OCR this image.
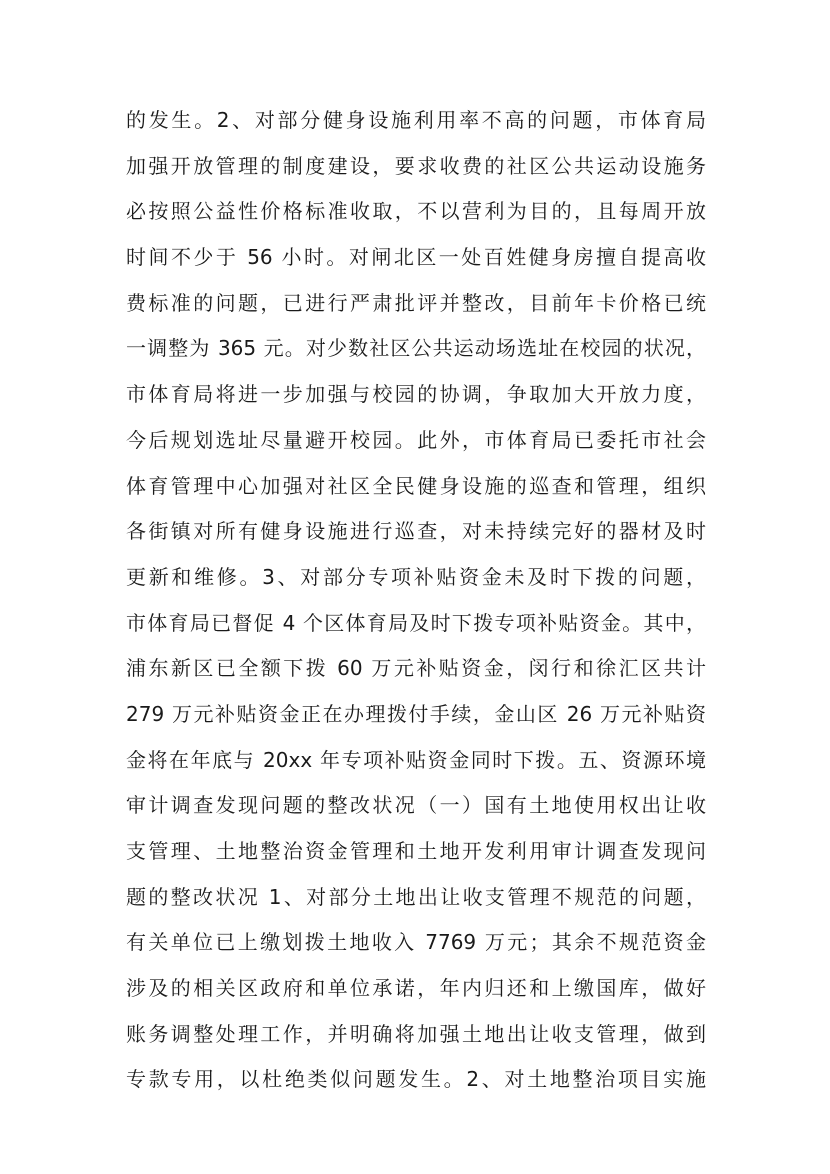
的发生。2、对部分健身设施利用率不高的问题，市体育局
加强开放管理的制度建设，要求收费的社区公共运动设施务
必按照公益性价格标准收取，不以营利为目的，且每周开放
时间不少于 56 小时。对闸北区一处百姓健身房擅自提高收
费标准的问题，已进行严肃批评并整改，目前年卡价格已统
一调整为 365 元。对少数社区公共运动场选址在校园的状况，
市体育局将进一步加强与校园的协调，争取加大开放力度，
今后规划选址尽量避开校园。此外，市体育局已委托市社会
体育管理中心加强对社区全民健身设施的巡查和管理，组织
各街镇对所有健身设施进行巡查，对未持续完好的器材及时
更新和维修。3、对部分专项补贴资金未及时下拨的问题，
市体育局已督促 4 个区体育局及时下拨专项补贴资金。其中，
浦东新区已全额下拨 60 万元补贴资金，闵行和徐汇区共计
279 万元补贴资金正在办理拨付手续，金山区 26 万元补贴资
金将在年底与 20xx 年专项补贴资金同时下拨。五、资源环境
审计调查发现问题的整改状况（一）国有土地使用权出让收
支管理、土地整治资金管理和土地开发利用审计调查发现问
题的整改状况 1、对部分土地出让收支管理不规范的问题，
有关单位已上缴划拨土地收入 7769 万元；其余不规范资金
涉及的相关区政府和单位承诺，年内归还和上缴国库，做好
账务调整处理工作，并明确将加强土地出让收支管理，做到
专款专用，以杜绝类似问题发生。2、对土地整治项目实施
